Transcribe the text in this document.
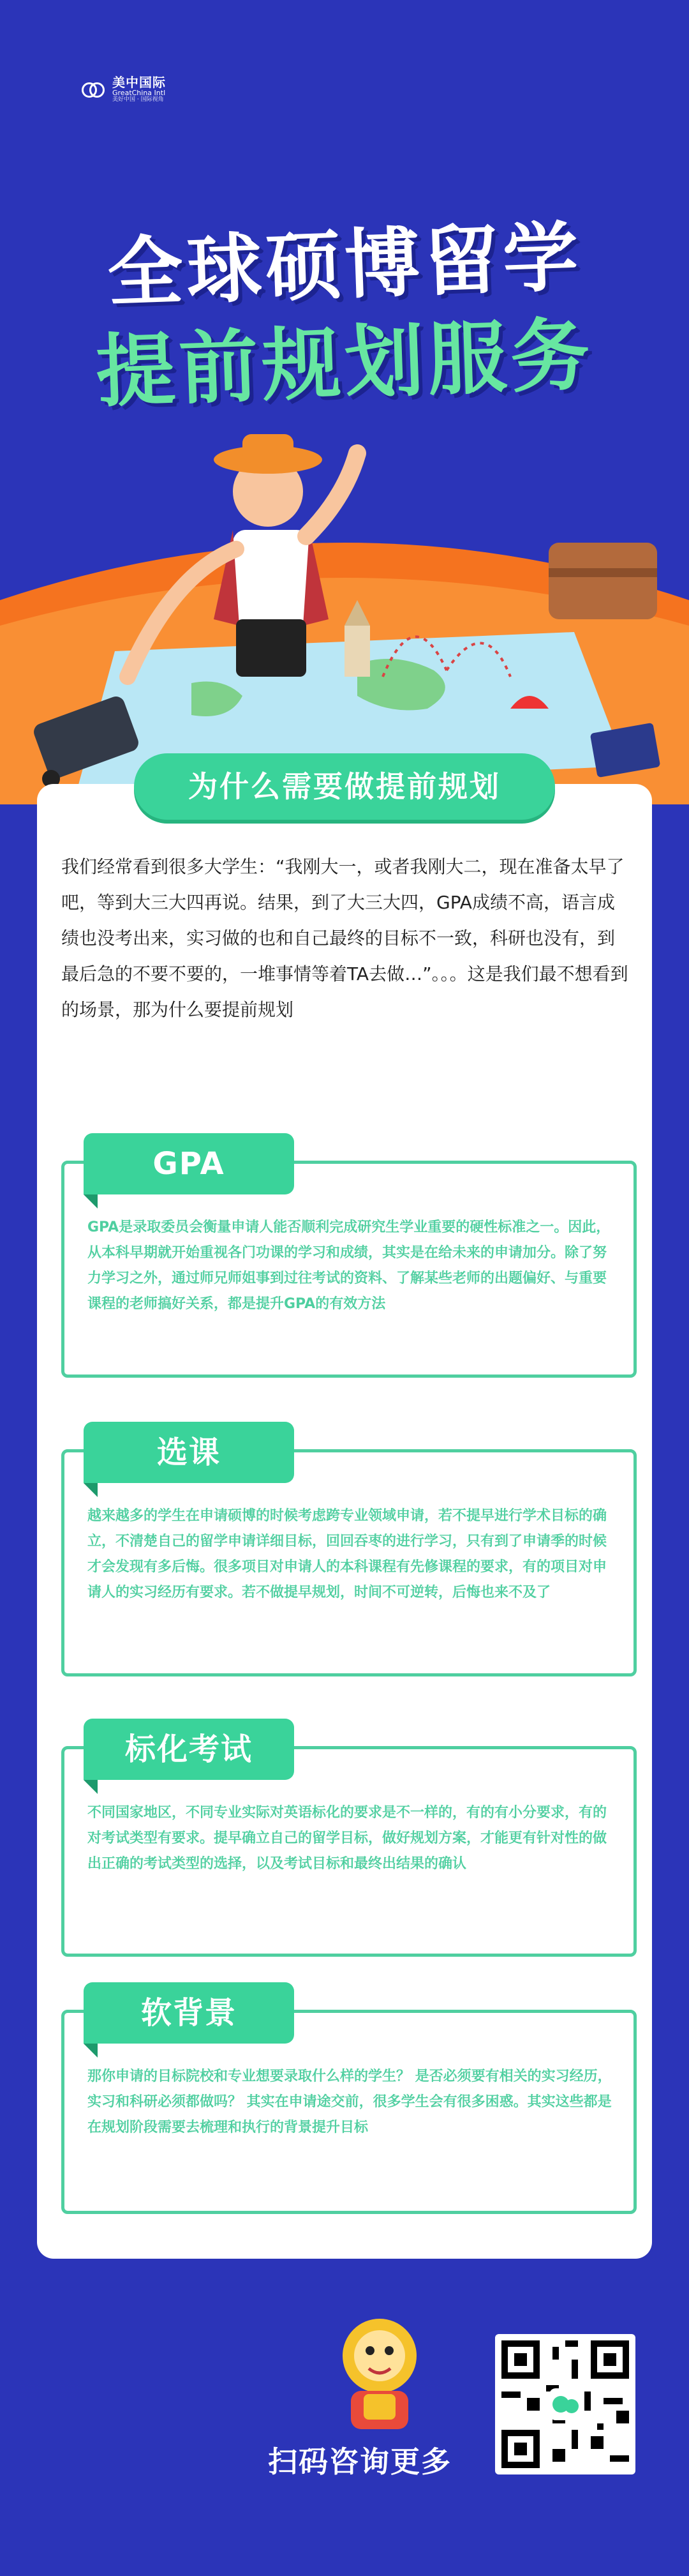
美中国际
GreatChina Intl
美好中国 · 国际视角
全球硕博留学
提前规划服务
为什么需要做提前规划
我们经常看到很多大学生：“我刚大一，或者我刚大二，现在准备太早了吧，等到大三大四再说。结果，到了大三大四，GPA成绩不高，语言成绩也没考出来，实习做的也和自己最终的目标不一致，科研也没有，到最后急的不要不要的，一堆事情等着TA去做…”。。。这是我们最不想看到的场景，那为什么要提前规划
GPA
GPA是录取委员会衡量申请人能否顺利完成研究生学业重要的硬性标准之一。因此，从本科早期就开始重视各门功课的学习和成绩，其实是在给未来的申请加分。除了努力学习之外，通过师兄师姐事到过往考试的资料、了解某些老师的出题偏好、与重要课程的老师搞好关系，都是提升GPA的有效方法
选课
越来越多的学生在申请硕博的时候考虑跨专业领域申请，若不提早进行学术目标的确立，不清楚自己的留学申请详细目标，回回吞枣的进行学习，只有到了申请季的时候才会发现有多后悔。很多项目对申请人的本科课程有先修课程的要求，有的项目对申请人的实习经历有要求。若不做提早规划，时间不可逆转，后悔也来不及了
标化考试
不同国家地区，不同专业实际对英语标化的要求是不一样的，有的有小分要求，有的对考试类型有要求。提早确立自己的留学目标，做好规划方案，才能更有针对性的做出正确的考试类型的选择，以及考试目标和最终出结果的确认
软背景
那你申请的目标院校和专业想要录取什么样的学生？ 是否必须要有相关的实习经历，实习和科研必须都做吗？ 其实在申请途交前，很多学生会有很多困惑。其实这些都是在规划阶段需要去梳理和执行的背景提升目标
扫码咨询更多
